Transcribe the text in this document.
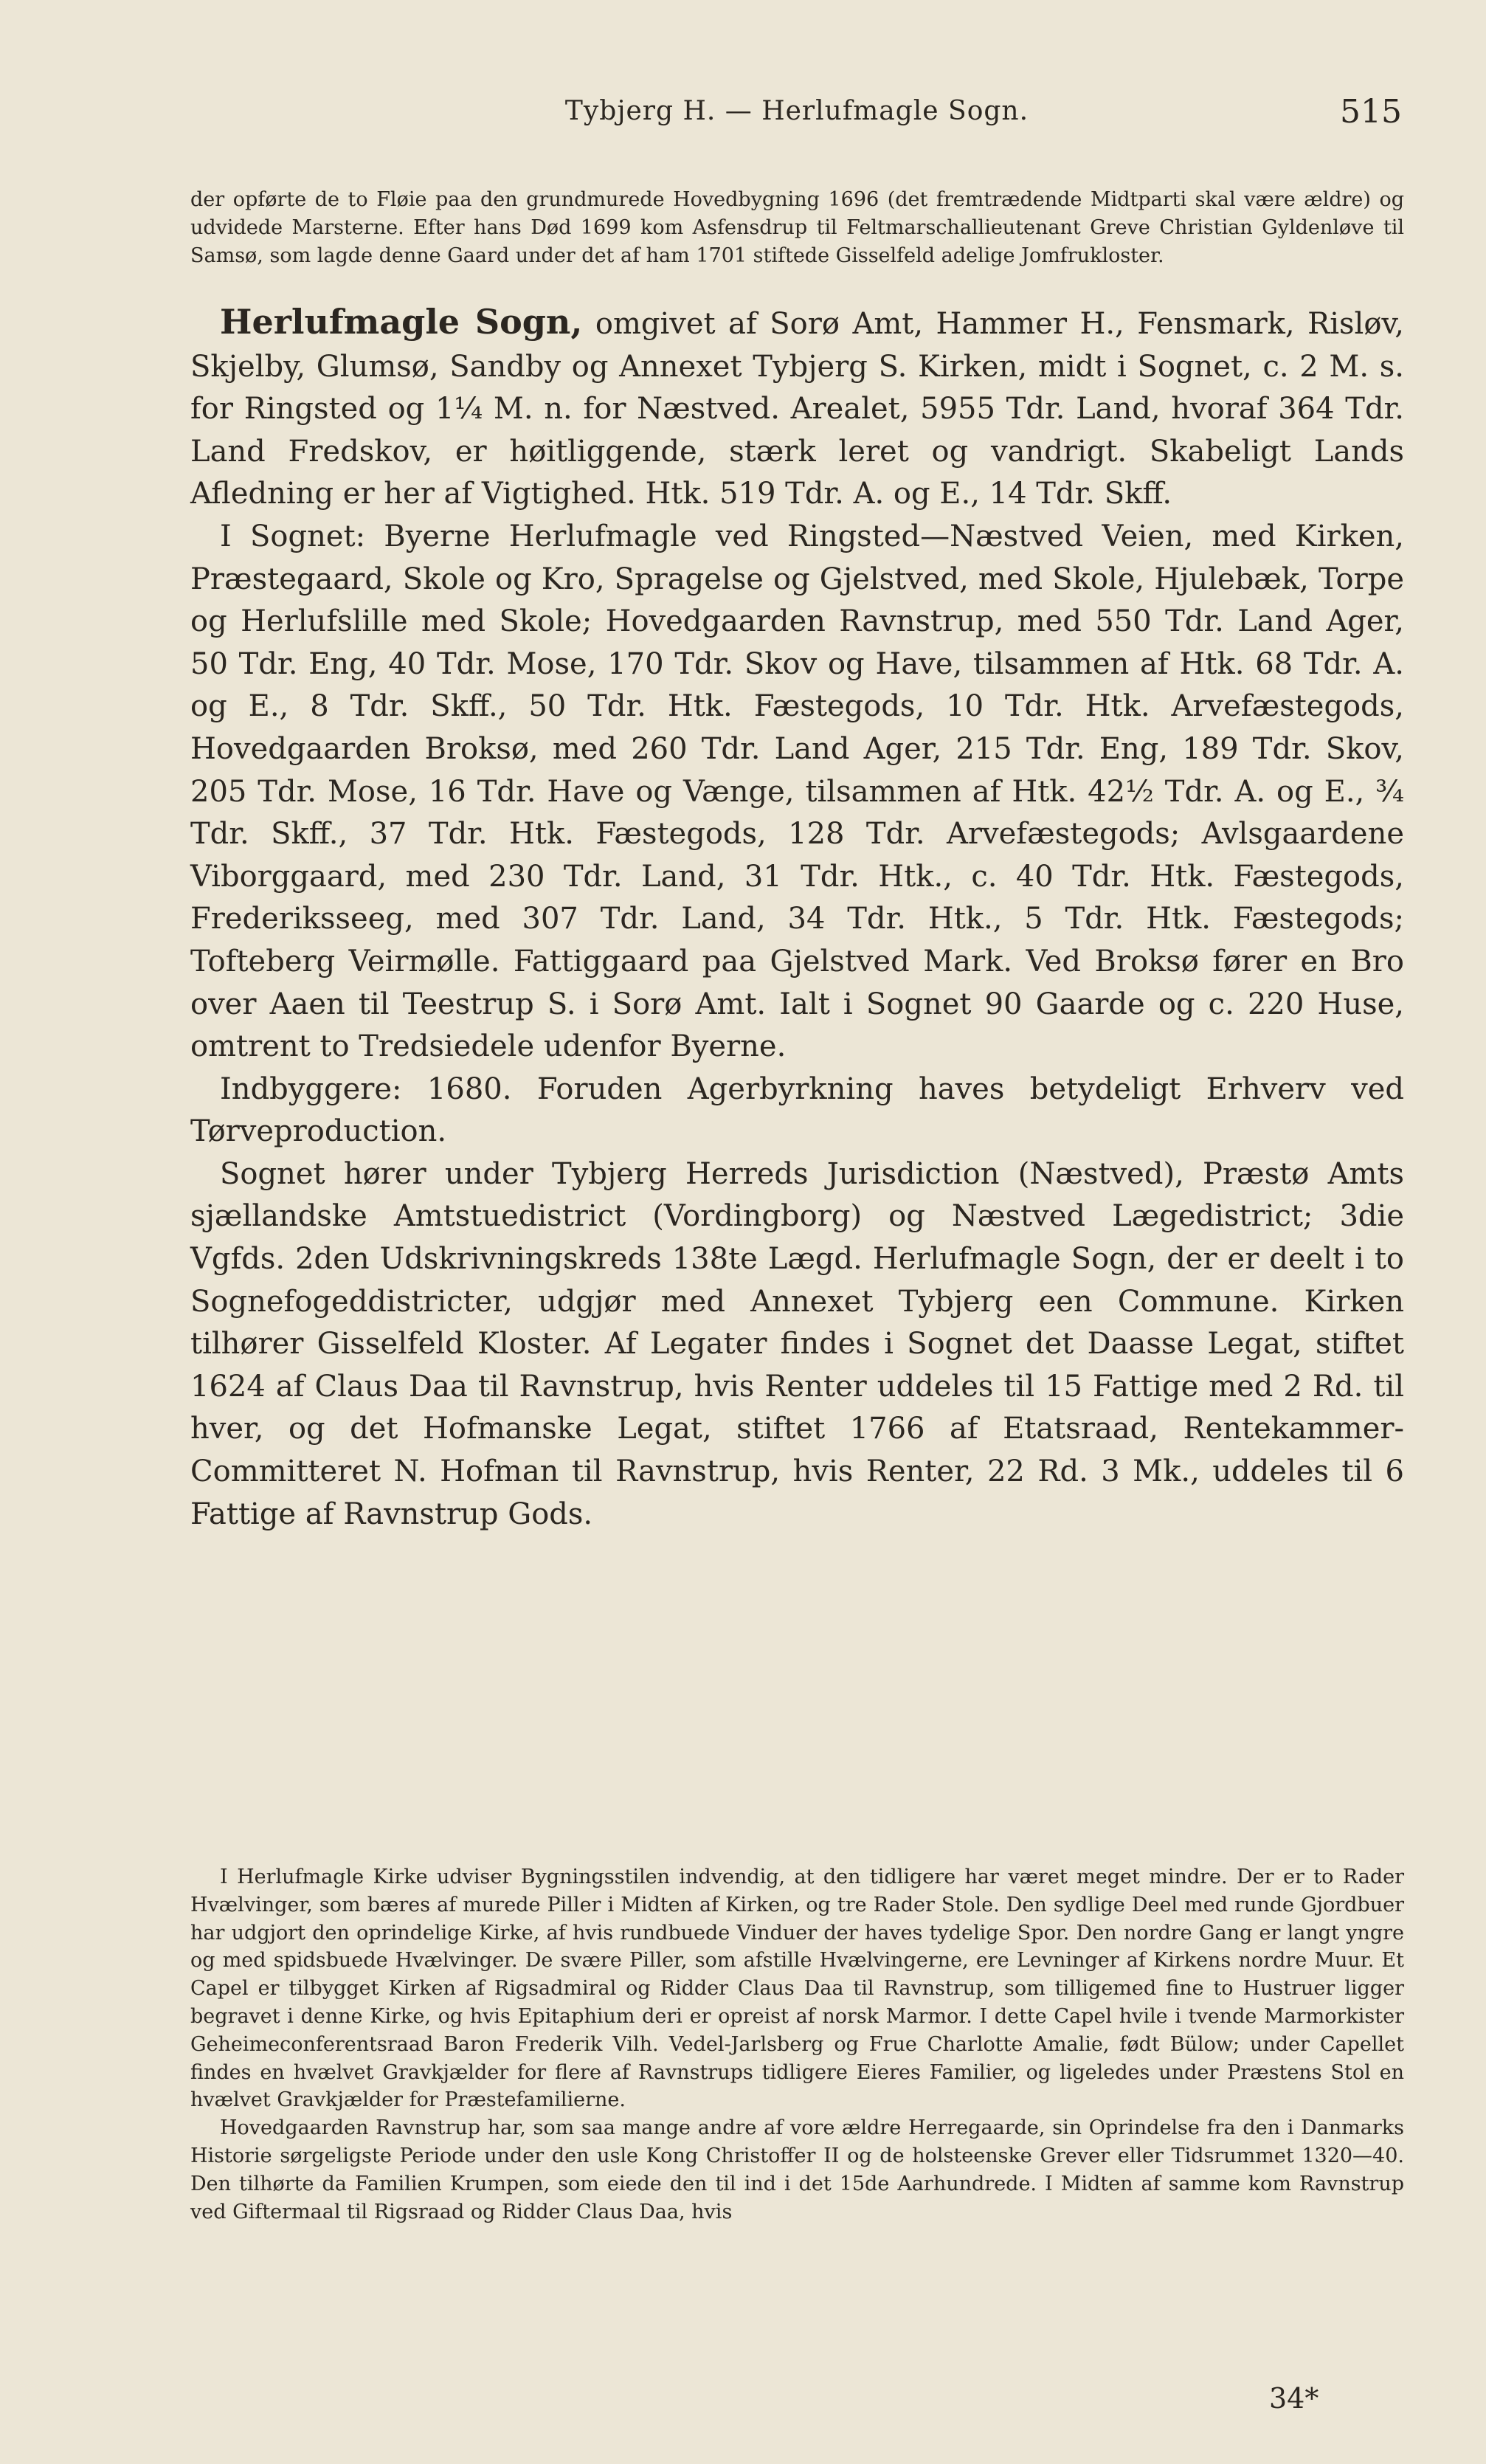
Tybjerg H. — Herlufmagle Sogn.	515

der opførte de to Fløie paa den grundmurede Hovedbygning 1696 (det fremtrædende Midtparti skal være ældre) og udvidede Marsterne. Efter hans Død 1699 kom Asfensdrup til Feltmarschallieutenant Greve Christian Gyldenløve til Samsø, som lagde denne Gaard under det af ham 1701 stiftede Gisselfeld adelige Jomfrukloster.

Herlufmagle Sogn, omgivet af Sorø Amt, Hammer H., Fensmark, Risløv, Skjelby, Glumsø, Sandby og Annexet Tybjerg S. Kirken, midt i Sognet, c. 2 M. s. for Ringsted og 1¼ M. n. for Næstved. Arealet, 5955 Tdr. Land, hvoraf 364 Tdr. Land Fredskov, er høitliggende, stærk leret og vandrigt. Skabeligt Lands Afledning er her af Vigtighed. Htk. 519 Tdr. A. og E., 14 Tdr. Skff.

I Sognet: Byerne Herlufmagle ved Ringsted—Næstved Veien, med Kirken, Præstegaard, Skole og Kro, Spragelse og Gjelstved, med Skole, Hjulebæk, Torpe og Herlufslille med Skole; Hovedgaarden Ravnstrup, med 550 Tdr. Land Ager, 50 Tdr. Eng, 40 Tdr. Mose, 170 Tdr. Skov og Have, tilsammen af Htk. 68 Tdr. A. og E., 8 Tdr. Skff., 50 Tdr. Htk. Fæstegods, 10 Tdr. Htk. Arvefæstegods, Hovedgaarden Broksø, med 260 Tdr. Land Ager, 215 Tdr. Eng, 189 Tdr. Skov, 205 Tdr. Mose, 16 Tdr. Have og Vænge, tilsammen af Htk. 42½ Tdr. A. og E., ¾ Tdr. Skff., 37 Tdr. Htk. Fæstegods, 128 Tdr. Arvefæstegods; Avlsgaardene Viborggaard, med 230 Tdr. Land, 31 Tdr. Htk., c. 40 Tdr. Htk. Fæstegods, Frederiksseeg, med 307 Tdr. Land, 34 Tdr. Htk., 5 Tdr. Htk. Fæstegods; Tofteberg Veirmølle. Fattiggaard paa Gjelstved Mark. Ved Broksø fører en Bro over Aaen til Teestrup S. i Sorø Amt. Ialt i Sognet 90 Gaarde og c. 220 Huse, omtrent to Tredsiedele udenfor Byerne.

Indbyggere: 1680. Foruden Agerbyrkning haves betydeligt Erhverv ved Tørveproduction.

Sognet hører under Tybjerg Herreds Jurisdiction (Næstved), Præstø Amts sjællandske Amtstuedistrict (Vordingborg) og Næstved Lægedistrict; 3die Vgfds. 2den Udskrivningskreds 138te Lægd. Herlufmagle Sogn, der er deelt i to Sognefogeddistricter, udgjør med Annexet Tybjerg een Commune. Kirken tilhører Gisselfeld Kloster. Af Legater findes i Sognet det Daasse Legat, stiftet 1624 af Claus Daa til Ravnstrup, hvis Renter uddeles til 15 Fattige med 2 Rd. til hver, og det Hofmanske Legat, stiftet 1766 af Etatsraad, Rentekammer-Committeret N. Hofman til Ravnstrup, hvis Renter, 22 Rd. 3 Mk., uddeles til 6 Fattige af Ravnstrup Gods.

I Herlufmagle Kirke udviser Bygningsstilen indvendig, at den tidligere har været meget mindre. Der er to Rader Hvælvinger, som bæres af murede Piller i Midten af Kirken, og tre Rader Stole. Den sydlige Deel med runde Gjordbuer har udgjort den oprindelige Kirke, af hvis rundbuede Vinduer der haves tydelige Spor. Den nordre Gang er langt yngre og med spidsbuede Hvælvinger. De svære Piller, som afstille Hvælvingerne, ere Levninger af Kirkens nordre Muur. Et Capel er tilbygget Kirken af Rigsadmiral og Ridder Claus Daa til Ravnstrup, som tilligemed fine to Hustruer ligger begravet i denne Kirke, og hvis Epitaphium deri er opreist af norsk Marmor. I dette Capel hvile i tvende Marmorkister Geheimeconferentsraad Baron Frederik Vilh. Vedel-Jarlsberg og Frue Charlotte Amalie, født Bülow; under Capellet findes en hvælvet Gravkjælder for flere af Ravnstrups tidligere Eieres Familier, og ligeledes under Præstens Stol en hvælvet Gravkjælder for Præstefamilierne.

Hovedgaarden Ravnstrup har, som saa mange andre af vore ældre Herregaarde, sin Oprindelse fra den i Danmarks Historie sørgeligste Periode under den usle Kong Christoffer II og de holsteenske Grever eller Tidsrummet 1320—40. Den tilhørte da Familien Krumpen, som eiede den til ind i det 15de Aarhundrede. I Midten af samme kom Ravnstrup ved Giftermaal til Rigsraad og Ridder Claus Daa, hvis

34*
